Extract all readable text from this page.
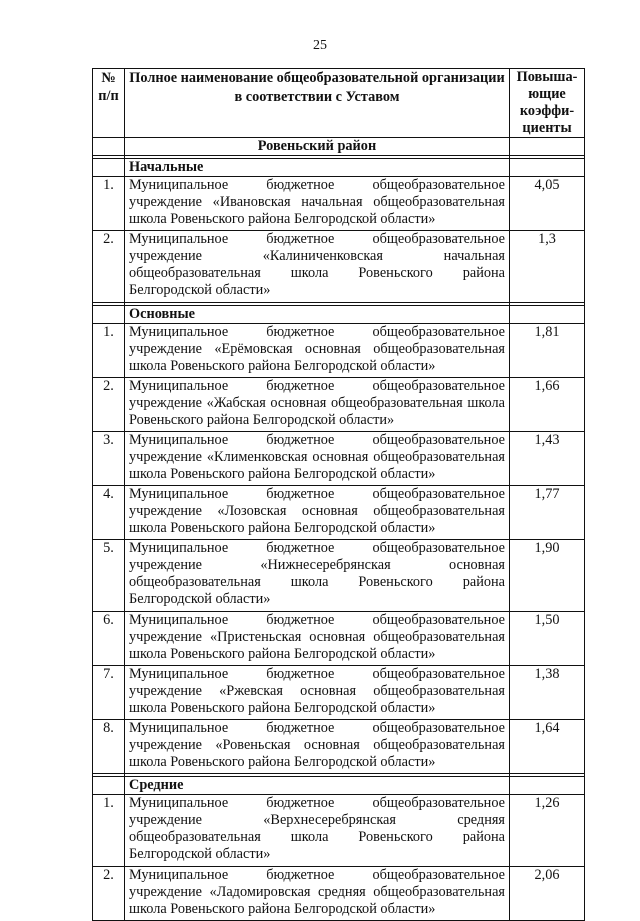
25
№ п/п	Полное наименование общеобразовательной организации в соответствии с Уставом	Повыша-ющие коэффи-циенты
	Ровеньский район	

	Начальные	
1.	Муниципальное бюджетное общеобразовательное учреждение «Ивановская начальная общеобразовательная школа Ровеньского района Белгородской области»	4,05
2.	Муниципальное бюджетное общеобразовательное учреждение «Калиниченковская начальная общеобразовательная школа Ровеньского района Белгородской области»	1,3

	Основные	
1.	Муниципальное бюджетное общеобразовательное учреждение «Ерёмовская основная общеобразовательная школа Ровеньского района Белгородской области»	1,81
2.	Муниципальное бюджетное общеобразовательное учреждение «Жабская основная общеобразовательная школа Ровеньского района Белгородской области»	1,66
3.	Муниципальное бюджетное общеобразовательное учреждение «Клименковская основная общеобразовательная школа Ровеньского района Белгородской области»	1,43
4.	Муниципальное бюджетное общеобразовательное учреждение «Лозовская основная общеобразовательная школа Ровеньского района Белгородской области»	1,77
5.	Муниципальное бюджетное общеобразовательное учреждение «Нижнесеребрянская основная общеобразовательная школа Ровеньского района Белгородской области»	1,90
6.	Муниципальное бюджетное общеобразовательное учреждение «Пристеньская основная общеобразовательная школа Ровеньского района Белгородской области»	1,50
7.	Муниципальное бюджетное общеобразовательное учреждение «Ржевская основная общеобразовательная школа Ровеньского района Белгородской области»	1,38
8.	Муниципальное бюджетное общеобразовательное учреждение «Ровеньская основная общеобразовательная школа Ровеньского района Белгородской области»	1,64

	Средние	
1.	Муниципальное бюджетное общеобразовательное учреждение «Верхнесеребрянская средняя общеобразовательная школа Ровеньского района Белгородской области»	1,26
2.	Муниципальное бюджетное общеобразовательное учреждение «Ладомировская средняя общеобразовательная школа Ровеньского района Белгородской области»	2,06
